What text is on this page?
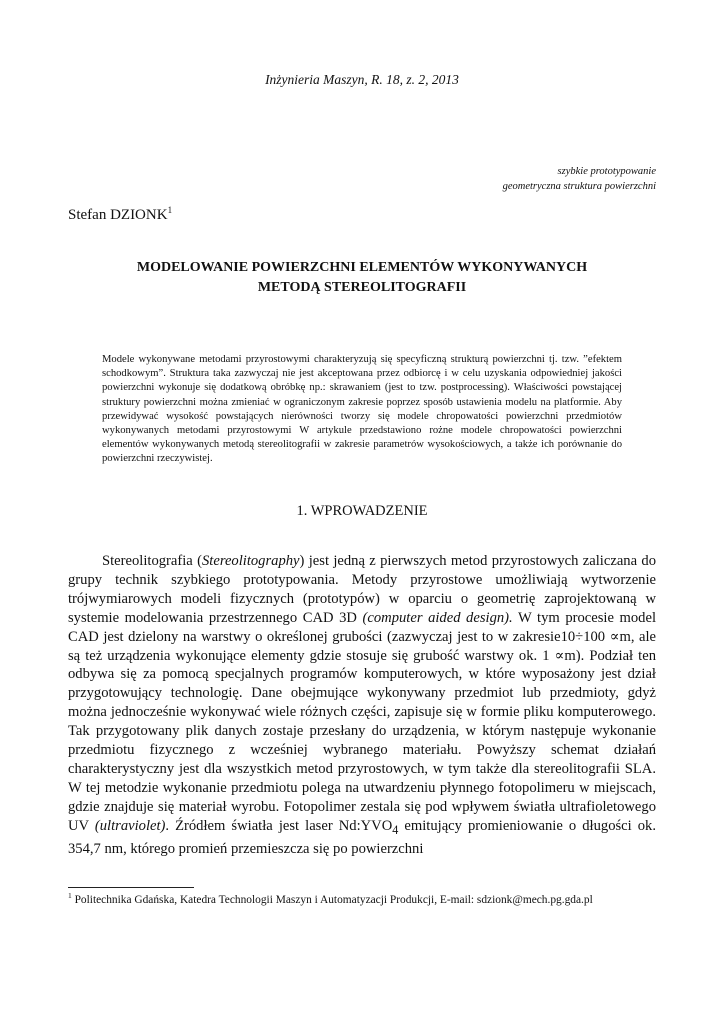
Inżynieria Maszyn, R. 18, z. 2, 2013
szybkie prototypowanie
geometryczna struktura powierzchni
Stefan DZIONK$^1$
MODELOWANIE POWIERZCHNI ELEMENTÓW WYKONYWANYCH
METODĄ STEREOLITOGRAFII
Modele wykonywane metodami przyrostowymi charakteryzują się specyficzną strukturą powierzchni tj. tzw. ”efektem schodkowym”. Struktura taka zazwyczaj nie jest akceptowana przez odbiorcę i w celu uzyskania odpowiedniej jakości powierzchni wykonuje się dodatkową obróbkę np.: skrawaniem (jest to tzw. postprocessing). Właściwości powstającej struktury powierzchni można zmieniać w ograniczonym zakresie poprzez sposób ustawienia modelu na platformie. Aby przewidywać wysokość powstających nierówności tworzy się modele chropowatości powierzchni przedmiotów wykonywanych metodami przyrostowymi W artykule przedstawiono rożne modele chropowatości powierzchni elementów wykonywanych metodą stereolitografii w zakresie parametrów wysokościowych, a także ich porównanie do powierzchni rzeczywistej.
1. WPROWADZENIE

Stereolitografia (Stereolitography) jest jedną z pierwszych metod przyrostowych zaliczana do grupy technik szybkiego prototypowania. Metody przyrostowe umożliwiają wytworzenie trójwymiarowych modeli fizycznych (prototypów) w oparciu o geometrię zaprojektowaną w systemie modelowania przestrzennego CAD 3D (computer aided design). W tym procesie model CAD jest dzielony na warstwy o określonej grubości (zazwyczaj jest to w zakresie10÷100 ∝m, ale są też urządzenia wykonujące elementy gdzie stosuje się grubość warstwy ok. 1 ∝m). Podział ten odbywa się za pomocą specjalnych programów komputerowych, w które wyposażony jest dział przygotowujący technologię. Dane obejmujące wykonywany przedmiot lub przedmioty, gdyż można jednocześnie wykonywać wiele różnych części, zapisuje się w formie pliku komputerowego. Tak przygotowany plik danych zostaje przesłany do urządzenia, w którym następuje wykonanie przedmiotu fizycznego z wcześniej wybranego materiału. Powyższy schemat działań charakterystyczny jest dla wszystkich metod przyrostowych, w tym także dla stereolitografii SLA. W tej metodzie wykonanie przedmiotu polega na utwardzeniu płynnego fotopolimeru w miejscach, gdzie znajduje się materiał wyrobu. Fotopolimer zestala się pod wpływem światła ultrafioletowego UV (ultraviolet). Źródłem światła jest laser $Nd:YVO_4$ emitujący promieniowanie o długości ok. 354,7 nm, którego promień przemieszcza się po powierzchni

$^1$ Politechnika Gdańska, Katedra Technologii Maszyn i Automatyzacji Produkcji, E-mail: sdzionk@mech.pg.gda.pl
